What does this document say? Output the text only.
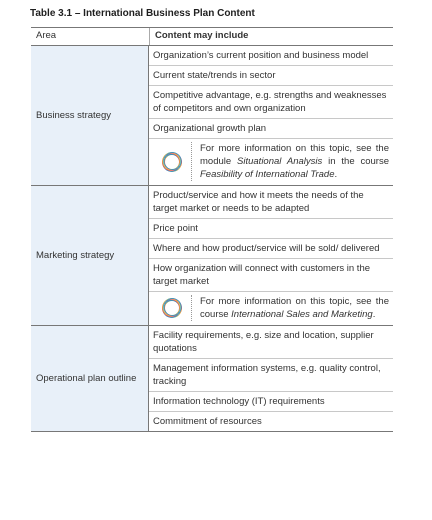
Table 3.1 – International Business Plan Content
Area	Content may include
Business strategy
Organization’s current position and business model
Current state/trends in sector
Competitive advantage, e.g. strengths and weaknesses of competitors and own organization
Organizational growth plan
For more information on this topic, see the module Situational Analysis in the course Feasibility of International Trade.
Marketing strategy
Product/service and how it meets the needs of the target market or needs to be adapted
Price point
Where and how product/service will be sold/ delivered
How organization will connect with customers in the target market
For more information on this topic, see the course International Sales and Marketing.
Operational plan outline
Facility requirements, e.g. size and location, supplier quotations
Management information systems, e.g. quality control, tracking
Information technology (IT) requirements
Commitment of resources
